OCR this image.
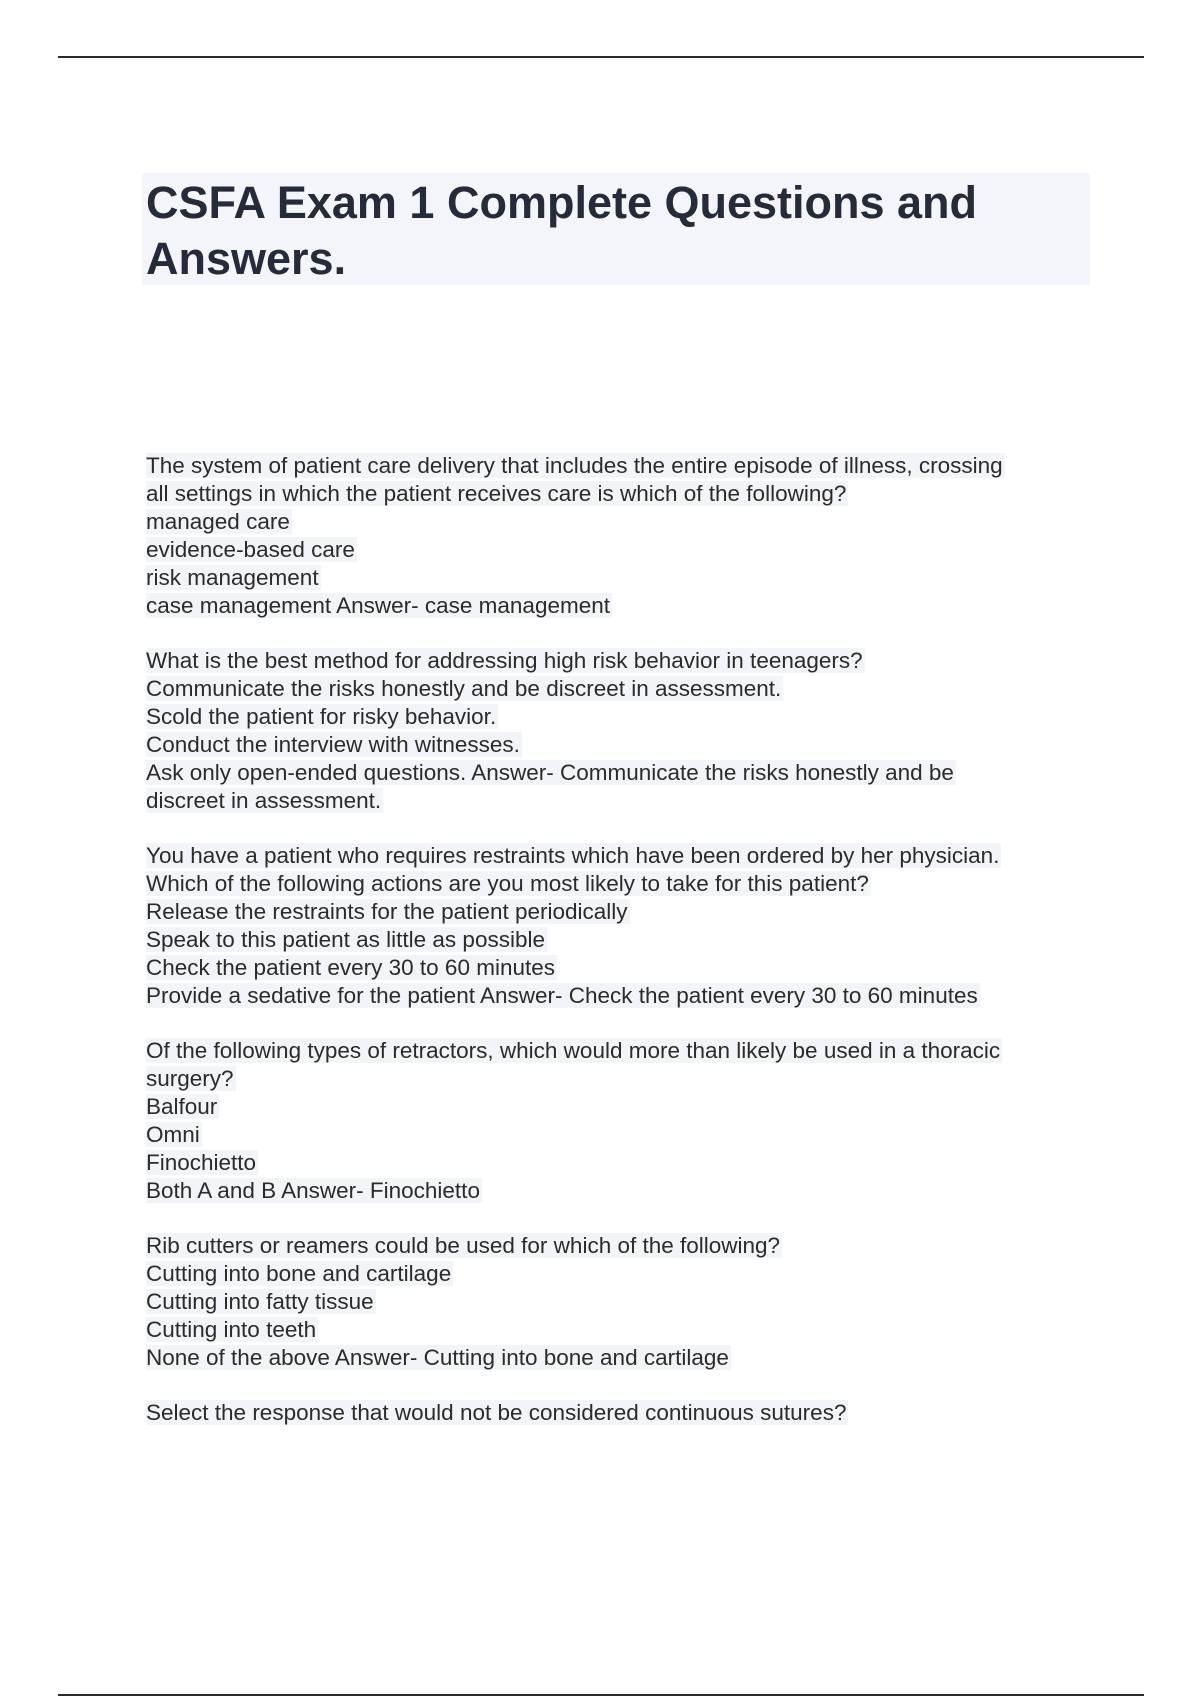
CSFA Exam 1 Complete Questions and
Answers.
The system of patient care delivery that includes the entire episode of illness, crossing
all settings in which the patient receives care is which of the following?
managed care
evidence-based care
risk management
case management Answer- case management
What is the best method for addressing high risk behavior in teenagers?
Communicate the risks honestly and be discreet in assessment.
Scold the patient for risky behavior.
Conduct the interview with witnesses.
Ask only open-ended questions. Answer- Communicate the risks honestly and be
discreet in assessment.
You have a patient who requires restraints which have been ordered by her physician.
Which of the following actions are you most likely to take for this patient?
Release the restraints for the patient periodically
Speak to this patient as little as possible
Check the patient every 30 to 60 minutes
Provide a sedative for the patient Answer- Check the patient every 30 to 60 minutes
Of the following types of retractors, which would more than likely be used in a thoracic
surgery?
Balfour
Omni
Finochietto
Both A and B Answer- Finochietto
Rib cutters or reamers could be used for which of the following?
Cutting into bone and cartilage
Cutting into fatty tissue
Cutting into teeth
None of the above Answer- Cutting into bone and cartilage
Select the response that would not be considered continuous sutures?
